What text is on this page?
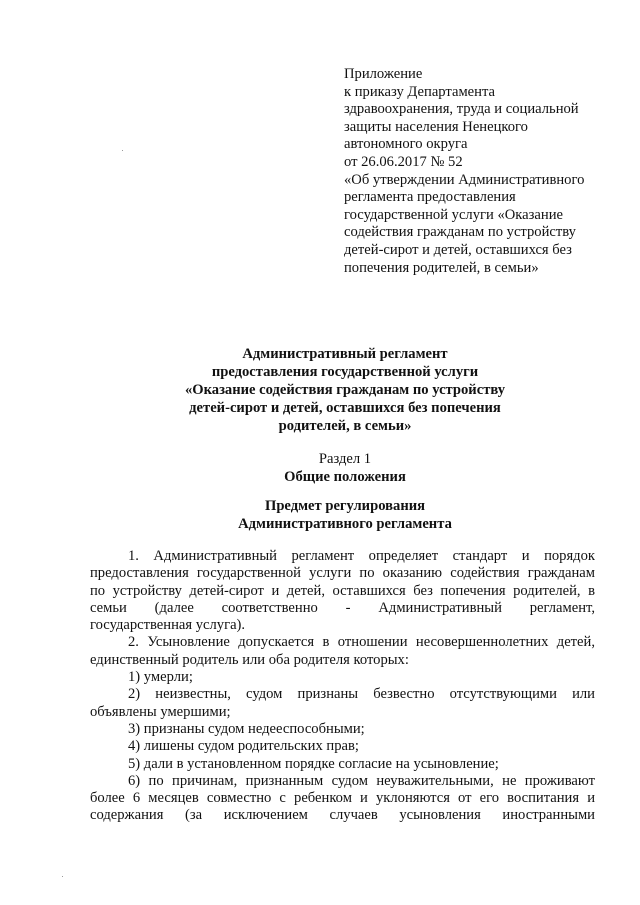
Приложение
к приказу Департамента
здравоохранения, труда и социальной
защиты населения Ненецкого
автономного округа
от 26.06.2017 № 52
«Об утверждении Административного
регламента предоставления
государственной услуги «Оказание
содействия гражданам по устройству
детей-сирот и детей, оставшихся без
попечения родителей, в семьи»
Административный регламент
предоставления государственной услуги
«Оказание содействия гражданам по устройству
детей-сирот и детей, оставшихся без попечения
родителей, в семьи»
Раздел 1
Общие положения
Предмет регулирования
Административного регламента
1. Административный регламент определяет стандарт и порядок
предоставления государственной услуги по оказанию содействия гражданам
по устройству детей-сирот и детей, оставшихся без попечения родителей, в
семьи (далее соответственно - Административный регламент,
государственная услуга).
2. Усыновление допускается в отношении несовершеннолетних детей,
единственный родитель или оба родителя которых:
1) умерли;
2) неизвестны, судом признаны безвестно отсутствующими или
объявлены умершими;
3) признаны судом недееспособными;
4) лишены судом родительских прав;
5) дали в установленном порядке согласие на усыновление;
6) по причинам, признанным судом неуважительными, не проживают
более 6 месяцев совместно с ребенком и уклоняются от его воспитания и
содержания (за исключением случаев усыновления иностранными
